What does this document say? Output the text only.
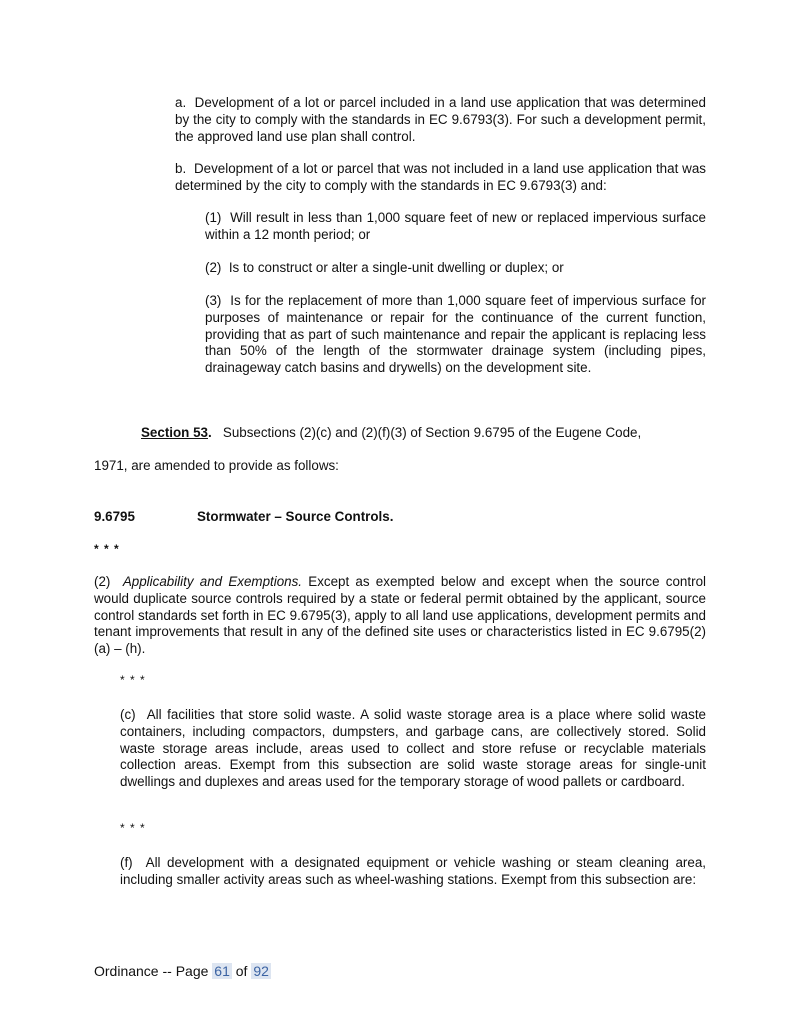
a. Development of a lot or parcel included in a land use application that was determined by the city to comply with the standards in EC 9.6793(3). For such a development permit, the approved land use plan shall control.

b. Development of a lot or parcel that was not included in a land use application that was determined by the city to comply with the standards in EC 9.6793(3) and:

(1) Will result in less than 1,000 square feet of new or replaced impervious surface within a 12 month period; or

(2) Is to construct or alter a single-unit dwelling or duplex; or

(3) Is for the replacement of more than 1,000 square feet of impervious surface for purposes of maintenance or repair for the continuance of the current function, providing that as part of such maintenance and repair the applicant is replacing less than 50% of the length of the stormwater drainage system (including pipes, drainageway catch basins and drywells) on the development site.

Section 53. Subsections (2)(c) and (2)(f)(3) of Section 9.6795 of the Eugene Code,

1971, are amended to provide as follows:

9.6795	Stormwater – Source Controls.
* * *

(2) Applicability and Exemptions. Except as exempted below and except when the source control would duplicate source controls required by a state or federal permit obtained by the applicant, source control standards set forth in EC 9.6795(3), apply to all land use applications, development permits and tenant improvements that result in any of the defined site uses or characteristics listed in EC 9.6795(2)(a) – (h).

* * *

(c) All facilities that store solid waste. A solid waste storage area is a place where solid waste containers, including compactors, dumpsters, and garbage cans, are collectively stored. Solid waste storage areas include, areas used to collect and store refuse or recyclable materials collection areas. Exempt from this subsection are solid waste storage areas for single-unit dwellings and duplexes and areas used for the temporary storage of wood pallets or cardboard.

* * *

(f) All development with a designated equipment or vehicle washing or steam cleaning area, including smaller activity areas such as wheel-washing stations. Exempt from this subsection are:

Ordinance -- Page 61 of 92
